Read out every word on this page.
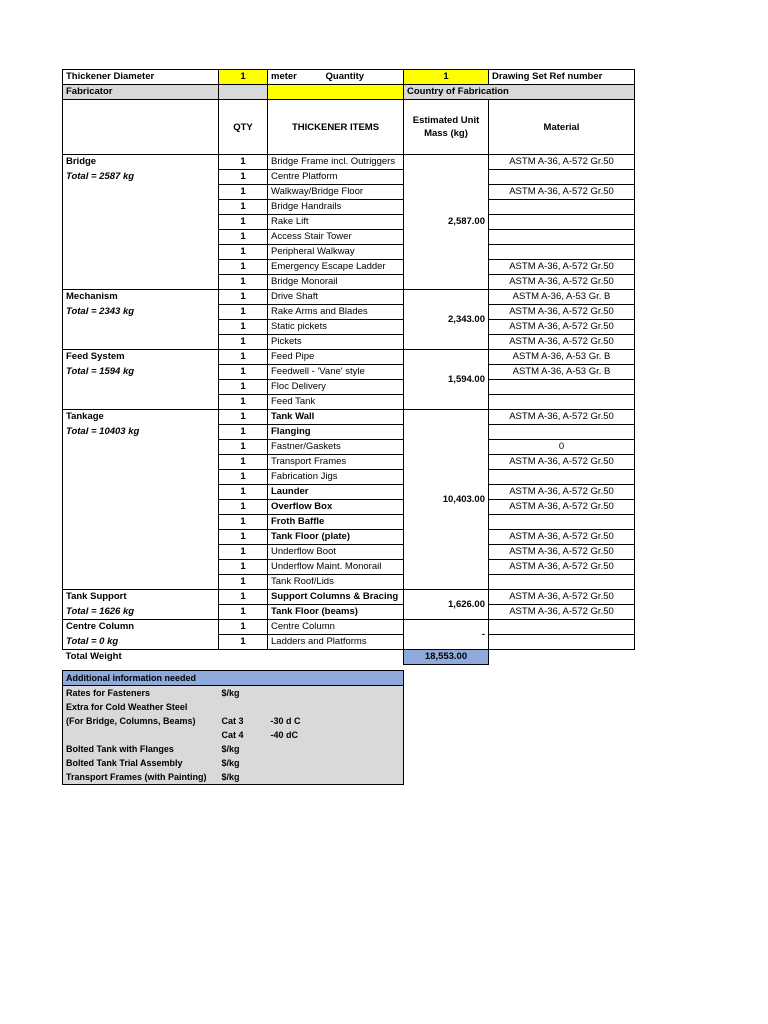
Thickener Diameter	1	meter Quantity	1	Drawing Set Ref number
Fabricator			Country of Fabrication	
	QTY	THICKENER ITEMS	Estimated Unit Mass (kg)	Material
Bridge	1	Bridge Frame incl. Outriggers	2,587.00	ASTM A-36, A-572 Gr.50
Total = 2587 kg	1	Centre Platform		
	1	Walkway/Bridge Floor		ASTM A-36, A-572 Gr.50
	1	Bridge Handrails		
	1	Rake Lift		
	1	Access Stair Tower		
	1	Peripheral Walkway		
	1	Emergency Escape Ladder		ASTM A-36, A-572 Gr.50
	1	Bridge Monorail		ASTM A-36, A-572 Gr.50
Mechanism	1	Drive Shaft	2,343.00	ASTM A-36, A-53 Gr. B
Total = 2343 kg	1	Rake Arms and Blades		ASTM A-36, A-572 Gr.50
	1	Static pickets		ASTM A-36, A-572 Gr.50
	1	Pickets		ASTM A-36, A-572 Gr.50
Feed System	1	Feed Pipe	1,594.00	ASTM A-36, A-53 Gr. B
Total = 1594 kg	1	Feedwell - 'Vane' style		ASTM A-36, A-53 Gr. B
	1	Floc Delivery		
	1	Feed Tank		
Tankage	1	Tank Wall	10,403.00	ASTM A-36, A-572 Gr.50
Total = 10403 kg	1	Flanging		
	1	Fastner/Gaskets		0
	1	Transport Frames		ASTM A-36, A-572 Gr.50
	1	Fabrication Jigs		
	1	Launder		ASTM A-36, A-572 Gr.50
	1	Overflow Box		ASTM A-36, A-572 Gr.50
	1	Froth Baffle		
	1	Tank Floor (plate)		ASTM A-36, A-572 Gr.50
	1	Underflow Boot		ASTM A-36, A-572 Gr.50
	1	Underflow Maint. Monorail		ASTM A-36, A-572 Gr.50
	1	Tank Roof/Lids		
Tank Support	1	Support Columns & Bracing	1,626.00	ASTM A-36, A-572 Gr.50
Total = 1626 kg	1	Tank Floor (beams)		ASTM A-36, A-572 Gr.50
Centre Column	1	Centre Column	-	
Total = 0 kg	1	Ladders and Platforms		
Total Weight			18,553.00	
Additional information needed		
Rates for Fasteners	$/kg	
Extra for Cold Weather Steel		
(For Bridge, Columns, Beams)	Cat 3	-30 d C
	Cat 4	-40 dC
Bolted Tank with Flanges	$/kg	
Bolted Tank Trial Assembly	$/kg	
Transport Frames (with Painting)	$/kg	
